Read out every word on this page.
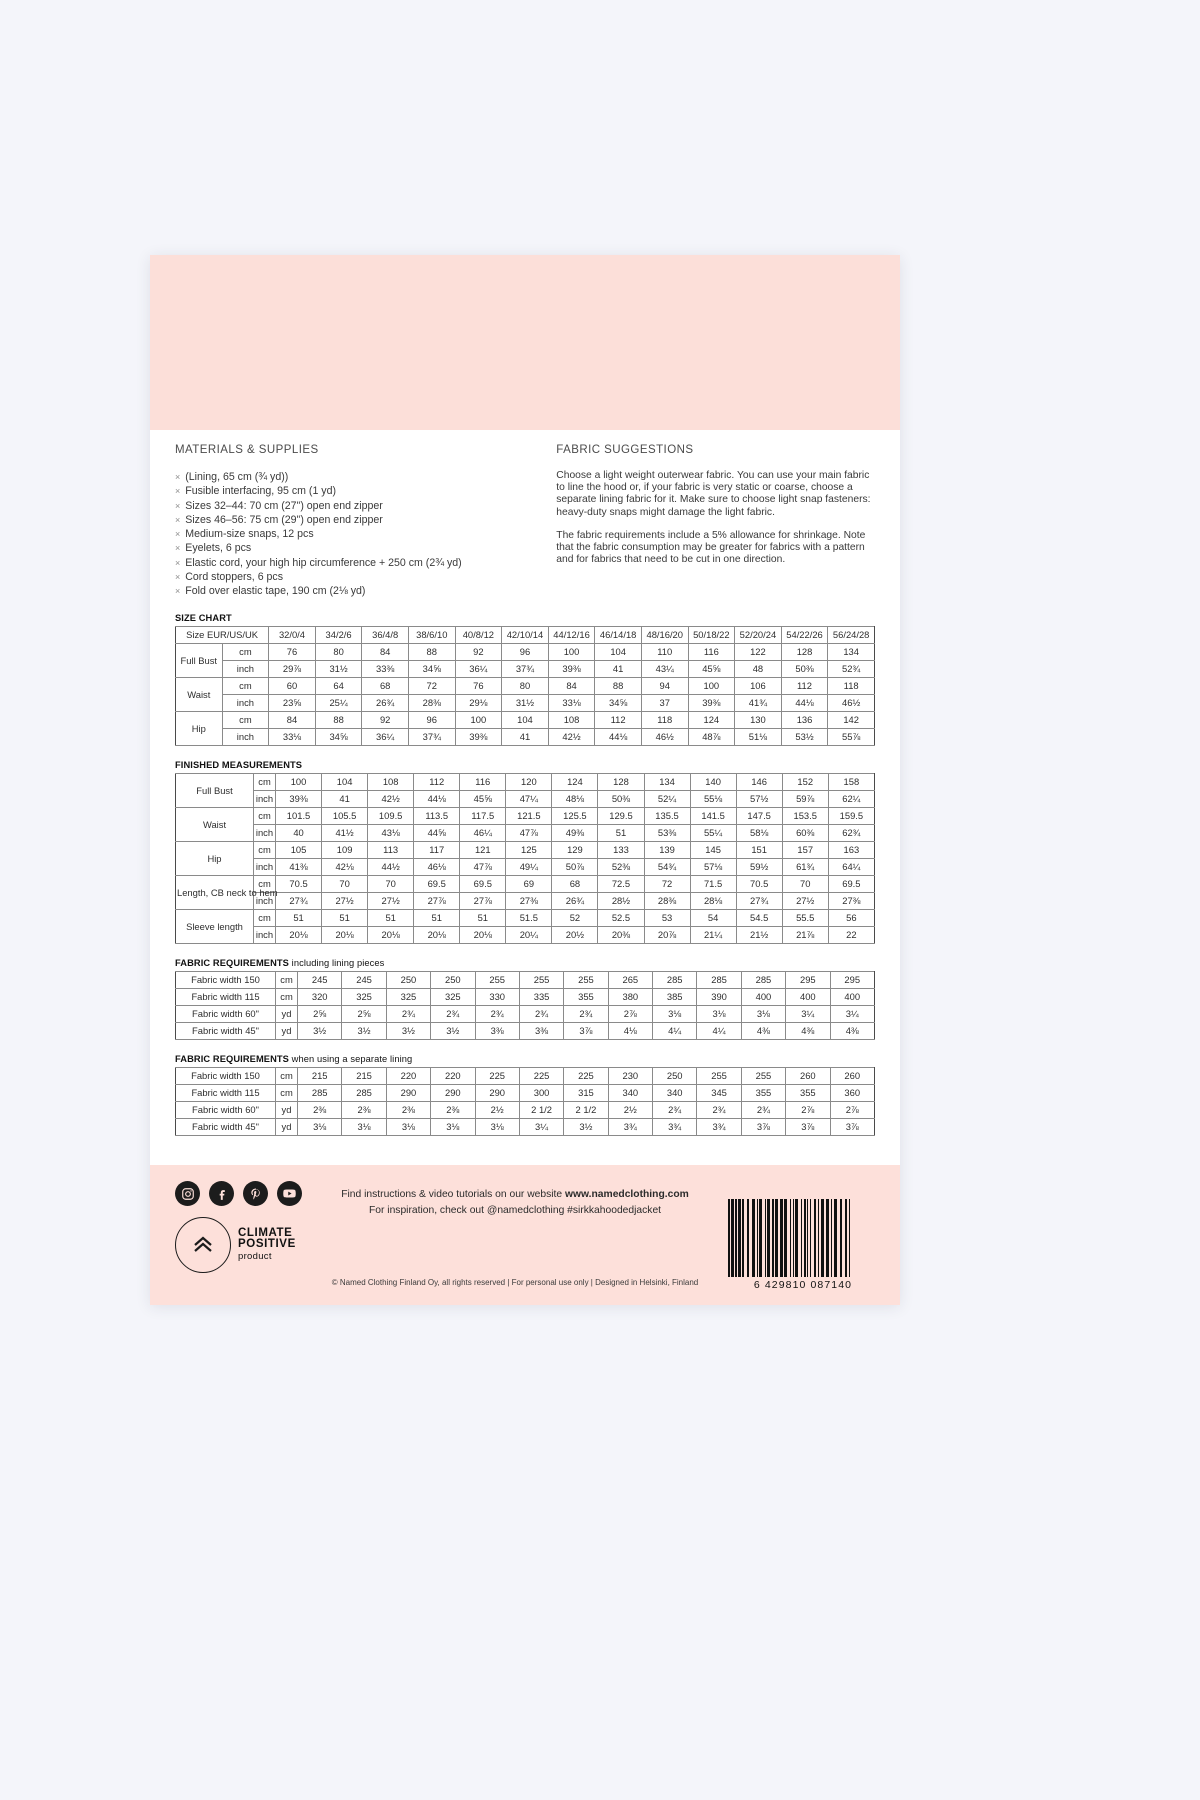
MATERIALS & SUPPLIES
× (Lining, 65 cm (¾ yd))
× Fusible interfacing, 95 cm (1 yd)
× Sizes 32–44: 70 cm (27") open end zipper
× Sizes 46–56: 75 cm (29") open end zipper
× Medium-size snaps, 12 pcs
× Eyelets, 6 pcs
× Elastic cord, your high hip circumference + 250 cm (2¾ yd)
× Cord stoppers, 6 pcs
× Fold over elastic tape, 190 cm (2⅛ yd)
FABRIC SUGGESTIONS
Choose a light weight outerwear fabric. You can use your main fabric to line the hood or, if your fabric is very static or coarse, choose a separate lining fabric for it. Make sure to choose light snap fasteners: heavy-duty snaps might damage the light fabric.
The fabric requirements include a 5% allowance for shrinkage. Note that the fabric consumption may be greater for fabrics with a pattern and for fabrics that need to be cut in one direction.
SIZE CHART
Size EUR/US/UK		32/0/4	34/2/6	36/4/8	38/6/10	40/8/12	42/10/14	44/12/16	46/14/18	48/16/20	50/18/22	52/20/24	54/22/26	56/24/28
Full Bust	cm	76	80	84	88	92	96	100	104	110	116	122	128	134
	inch	29⅞	31½	33⅜	34⅝	36¼	37¾	39⅜	41	43¼	45⅝	48	50⅜	52¾
Waist	cm	60	64	68	72	76	80	84	88	94	100	106	112	118
	inch	23⅝	25¼	26¾	28⅜	29⅛	31½	33⅛	34⅝	37	39⅜	41¾	44⅛	46½
Hip	cm	84	88	92	96	100	104	108	112	118	124	130	136	142
	inch	33⅛	34⅝	36¼	37¾	39⅜	41	42½	44⅛	46½	48⅞	51⅛	53½	55⅞
FINISHED MEASUREMENTS
Full Bust	cm	100	104	108	112	116	120	124	128	134	140	146	152	158
	inch	39⅜	41	42½	44⅛	45⅝	47¼	48⅛	50⅜	52¼	55⅛	57½	59⅞	62¼
Waist	cm	101.5	105.5	109.5	113.5	117.5	121.5	125.5	129.5	135.5	141.5	147.5	153.5	159.5
	inch	40	41½	43⅛	44⅝	46¼	47⅞	49⅜	51	53⅜	55¼	58⅛	60⅜	62¾
Hip	cm	105	109	113	117	121	125	129	133	139	145	151	157	163
	inch	41⅜	42⅛	44½	46⅛	47⅞	49¼	50⅞	52⅜	54¾	57⅛	59½	61¾	64¼
Length, CB neck to hem	cm	70.5	70	70	69.5	69.5	69	68	72.5	72	71.5	70.5	70	69.5
	inch	27¾	27½	27½	27⅞	27⅞	27⅜	26¾	28½	28⅜	28⅛	27¾	27½	27⅜
Sleeve length	cm	51	51	51	51	51	51.5	52	52.5	53	54	54.5	55.5	56
	inch	20⅛	20⅛	20⅛	20⅛	20⅛	20¼	20½	20⅜	20⅞	21¼	21½	21⅞	22
FABRIC REQUIREMENTS including lining pieces
Fabric width 150	cm	245	245	250	250	255	255	255	265	285	285	285	295	295
Fabric width 115	cm	320	325	325	325	330	335	355	380	385	390	400	400	400
Fabric width 60"	yd	2⅝	2⅝	2¾	2¾	2¾	2¾	2¾	2⅞	3⅛	3⅛	3⅛	3¼	3¼
Fabric width 45"	yd	3½	3½	3½	3½	3⅜	3⅜	3⅞	4⅛	4¼	4¼	4⅜	4⅜	4⅜
FABRIC REQUIREMENTS when using a separate lining
Fabric width 150	cm	215	215	220	220	225	225	225	230	250	255	255	260	260
Fabric width 115	cm	285	285	290	290	290	300	315	340	340	345	355	355	360
Fabric width 60"	yd	2⅜	2⅜	2⅜	2⅜	2½	2 1/2	2 1/2	2½	2¾	2¾	2¾	2⅞	2⅞
Fabric width 45"	yd	3⅛	3⅛	3⅛	3⅛	3⅛	3¼	3½	3¾	3¾	3¾	3⅞	3⅞	3⅞
CLIMATE
POSITIVE
product
Find instructions & video tutorials on our website www.namedclothing.com
For inspiration, check out @namedclothing #sirkkahoodedjacket
© Named Clothing Finland Oy, all rights reserved | For personal use only | Designed in Helsinki, Finland	6 429810 087140
